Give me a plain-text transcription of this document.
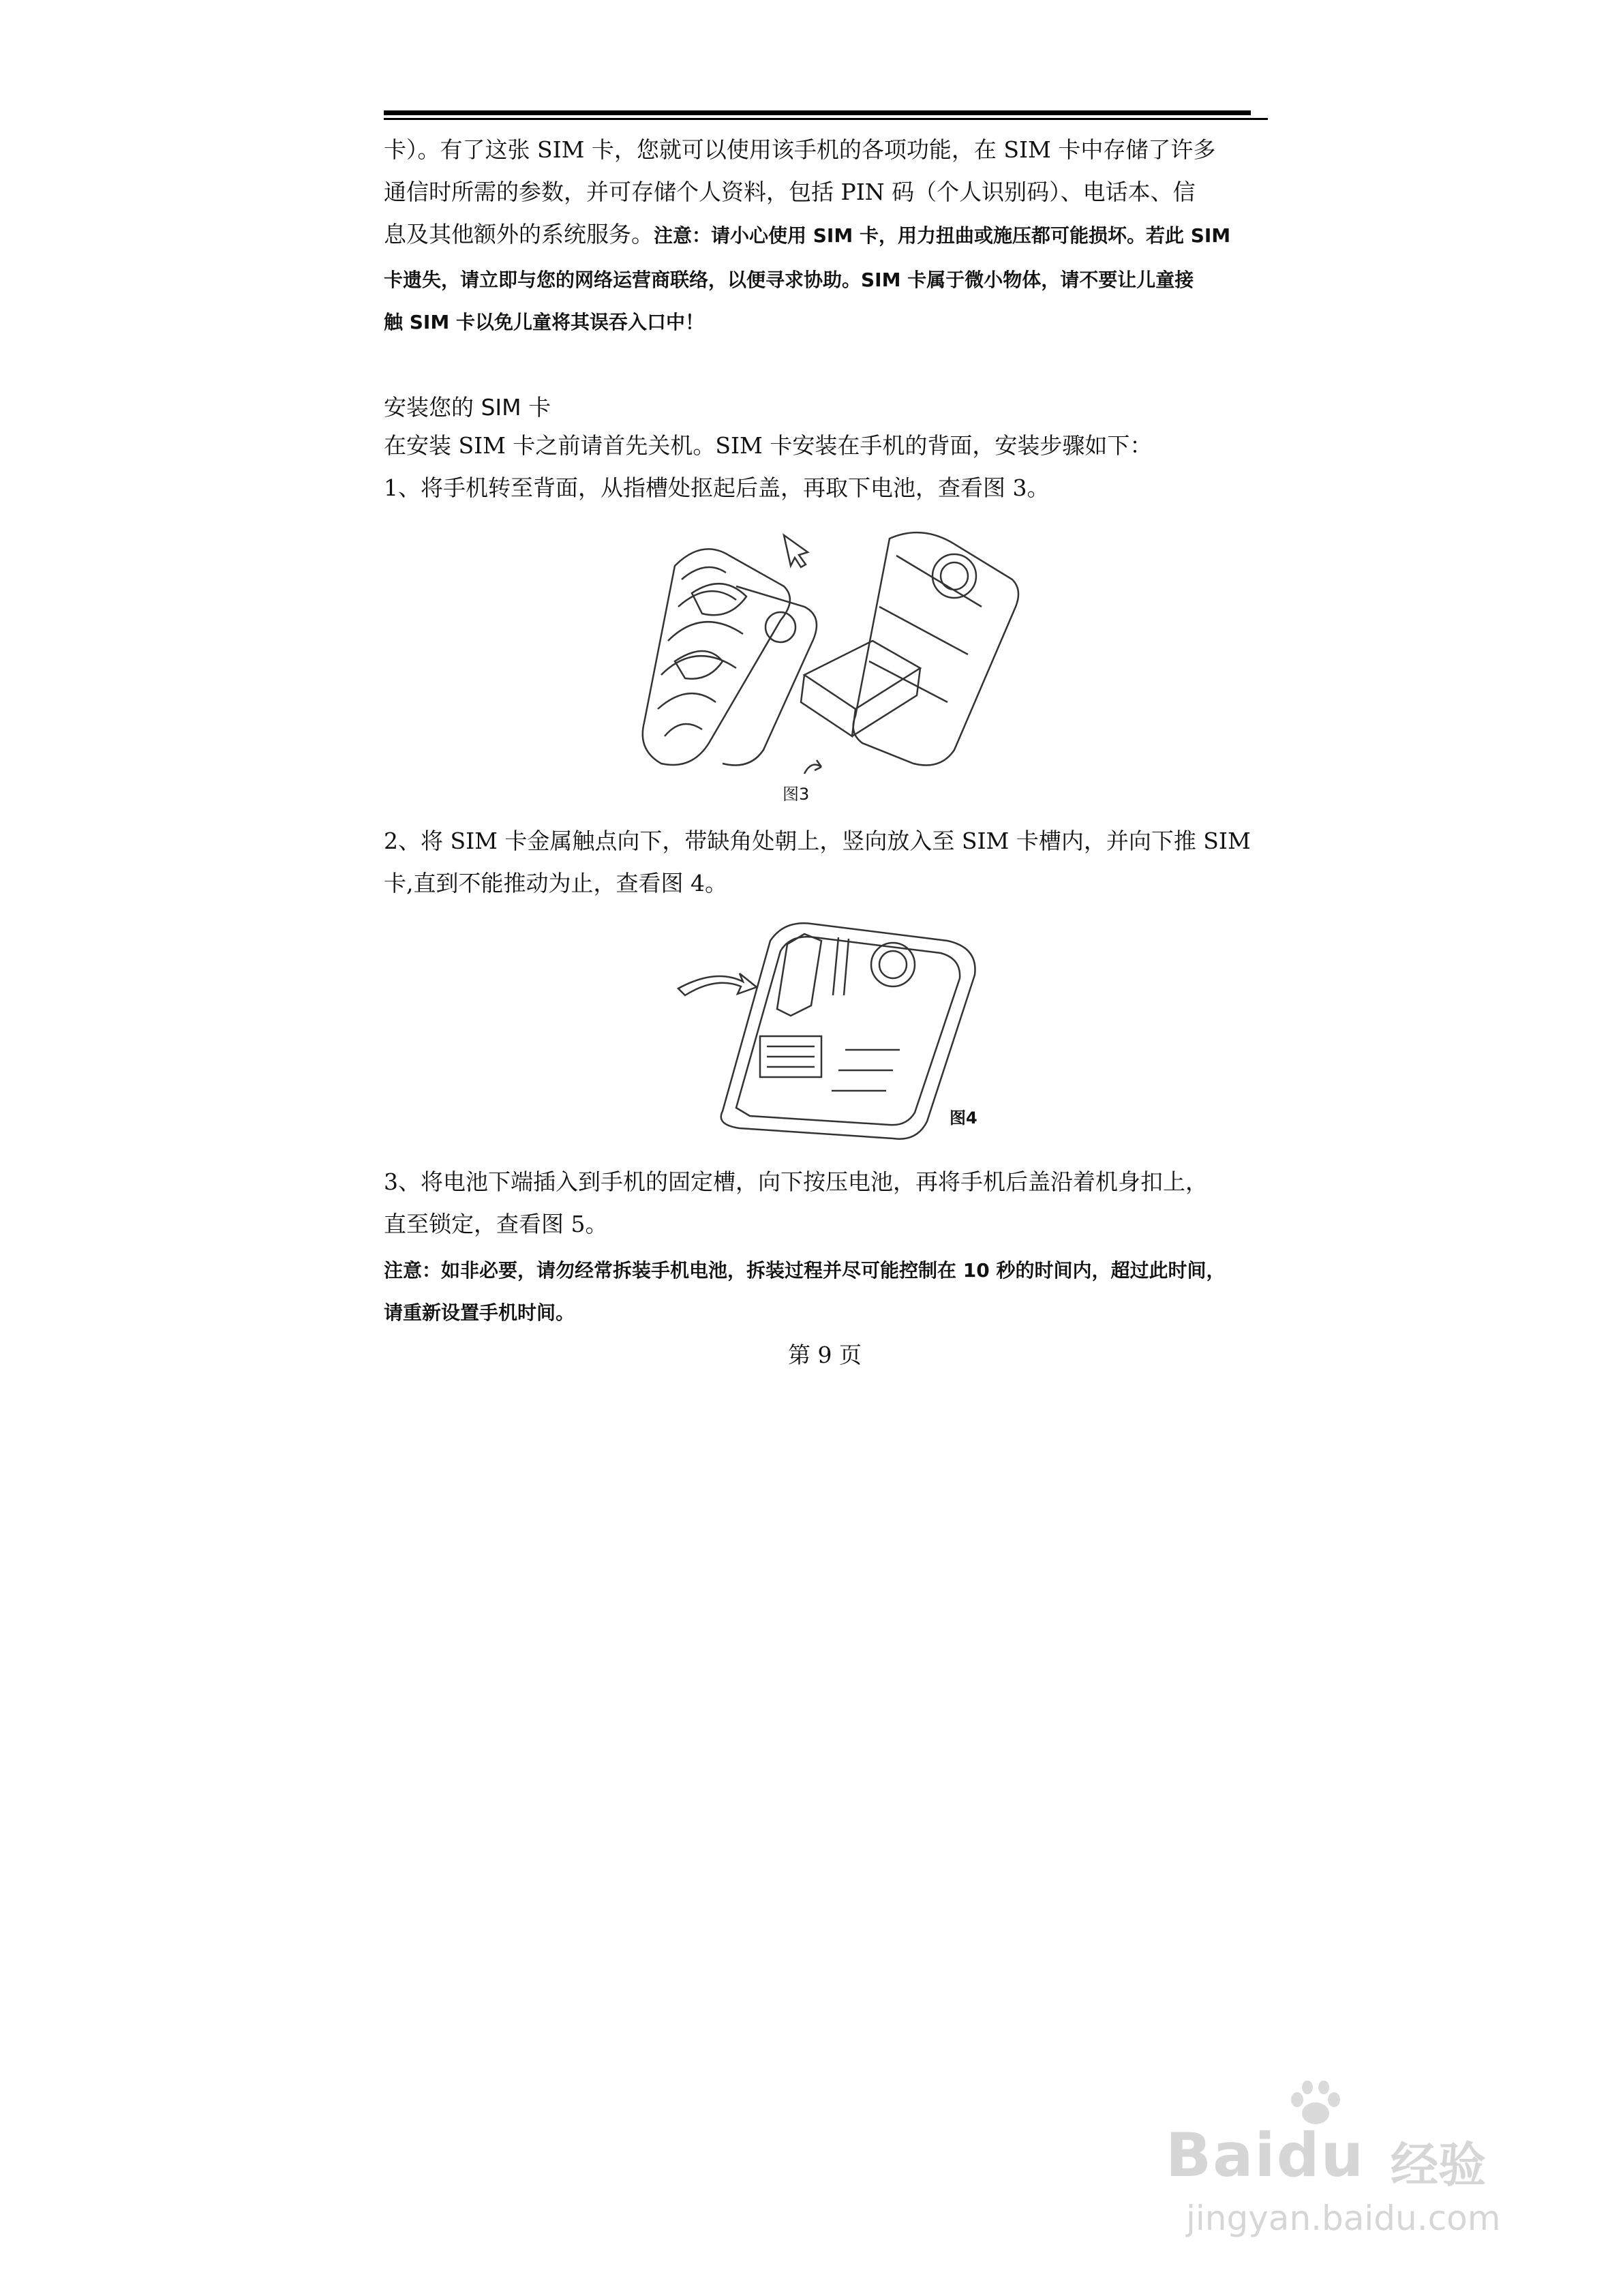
卡）。有了这张 SIM 卡，您就可以使用该手机的各项功能，在 SIM 卡中存储了许多
通信时所需的参数，并可存储个人资料，包括 PIN 码（个人识别码）、电话本、信
息及其他额外的系统服务。注意：请小心使用 SIM 卡，用力扭曲或施压都可能损坏。若此 SIM
卡遗失，请立即与您的网络运营商联络，以便寻求协助。SIM 卡属于微小物体，请不要让儿童接
触 SIM 卡以免儿童将其误吞入口中！
安装您的 SIM 卡
在安装 SIM 卡之前请首先关机。SIM 卡安装在手机的背面，安装步骤如下：
1、将手机转至背面，从指槽处抠起后盖，再取下电池，查看图 3。
图3
2、将 SIM 卡金属触点向下，带缺角处朝上，竖向放入至 SIM 卡槽内，并向下推 SIM
卡,直到不能推动为止，查看图 4。
图4
3、将电池下端插入到手机的固定槽，向下按压电池，再将手机后盖沿着机身扣上，
直至锁定，查看图 5。
注意：如非必要，请勿经常拆装手机电池，拆装过程并尽可能控制在 10 秒的时间内，超过此时间，
请重新设置手机时间。
第 9 页
Baidu 经验
jingyan.baidu.com
